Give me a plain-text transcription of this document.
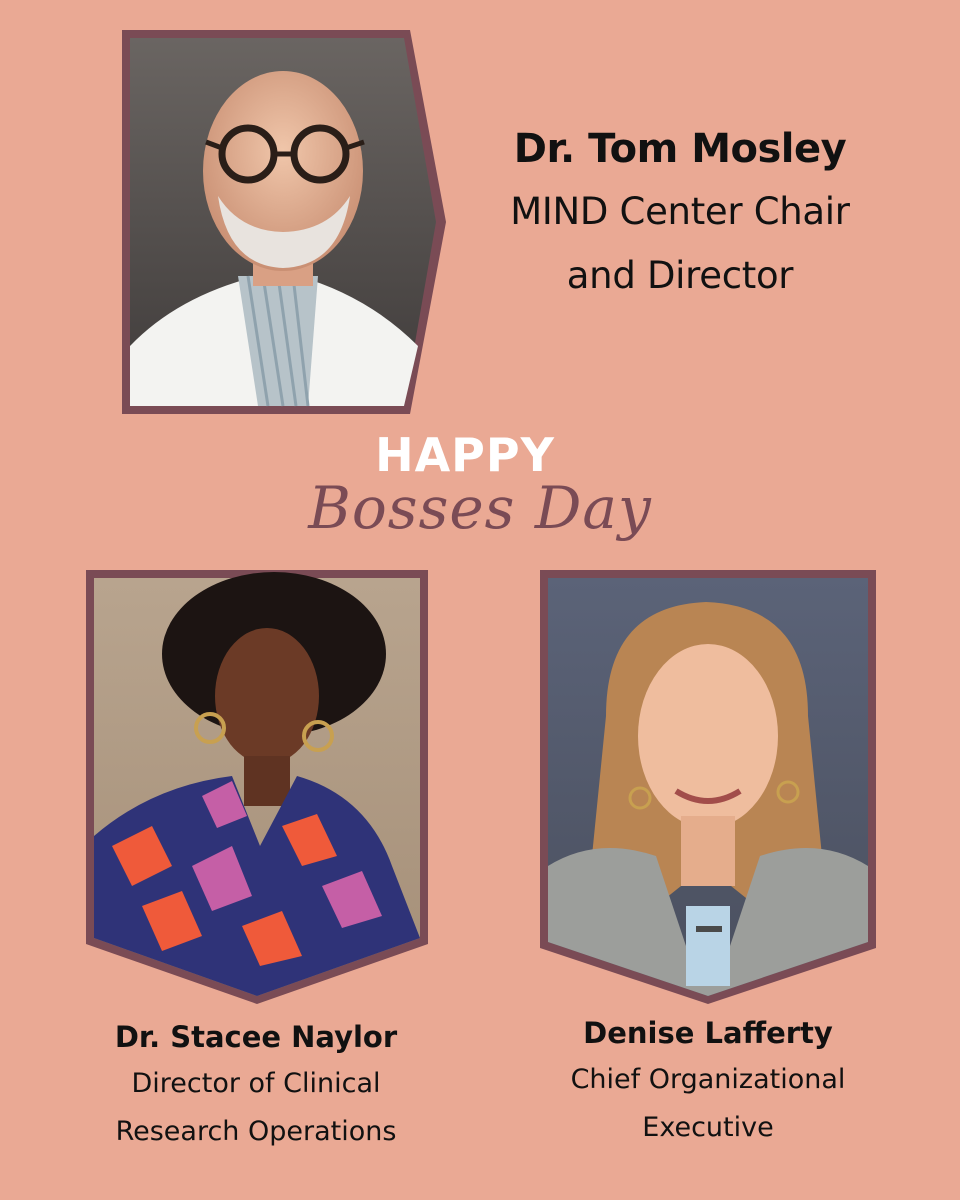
Dr. Tom Mosley
MIND Center Chair
and Director
HAPPY
Bosses Day
Dr. Stacee Naylor
Director of Clinical
Research Operations
Denise Lafferty
Chief Organizational
Executive
